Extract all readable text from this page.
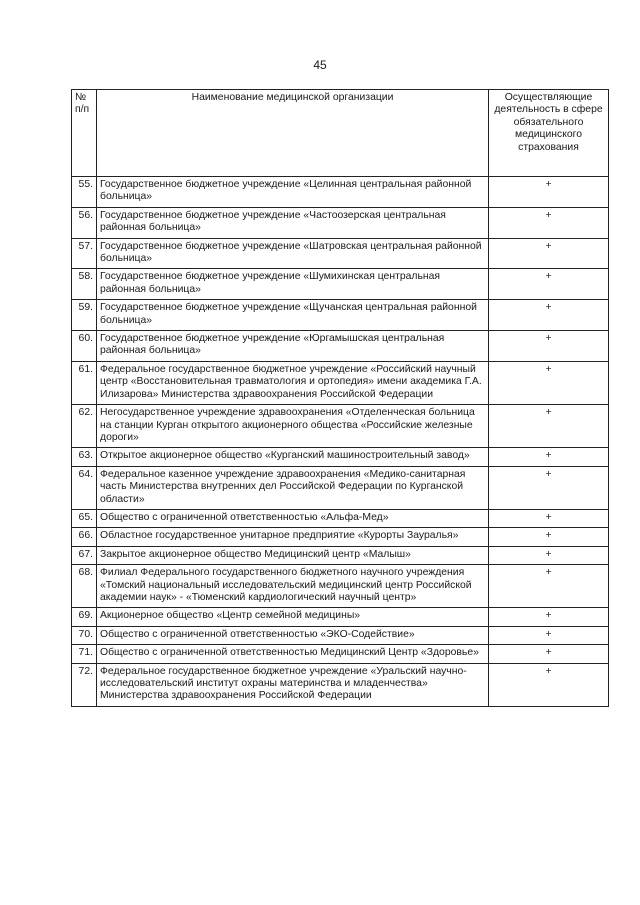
45
№ п/п	Наименование медицинской организации	Осуществляющие деятельность в сфере обязательного медицинского страхования
55.	Государственное бюджетное учреждение «Целинная центральная районной больница»	+
56.	Государственное бюджетное учреждение «Частоозерская центральная районная больница»	+
57.	Государственное бюджетное учреждение «Шатровская центральная районной больница»	+
58.	Государственное бюджетное учреждение «Шумихинская центральная районная больница»	+
59.	Государственное бюджетное учреждение «Щучанская центральная районной больница»	+
60.	Государственное бюджетное учреждение «Юргамышская центральная районная больница»	+
61.	Федеральное государственное бюджетное учреждение «Российский научный центр «Восстановительная травматология и ортопедия» имени академика Г.А. Илизарова» Министерства здравоохранения Российской Федерации	+
62.	Негосударственное учреждение здравоохранения «Отделенческая больница на станции Курган открытого акционерного общества «Российские железные дороги»	+
63.	Открытое акционерное общество «Курганский машиностроительный завод»	+
64.	Федеральное казенное учреждение здравоохранения «Медико-санитарная часть Министерства внутренних дел Российской Федерации по Курганской области»	+
65.	Общество с ограниченной ответственностью «Альфа-Мед»	+
66.	Областное государственное унитарное предприятие «Курорты Зауралья»	+
67.	Закрытое акционерное общество Медицинский центр «Малыш»	+
68.	Филиал Федерального государственного бюджетного научного учреждения «Томский национальный исследовательский медицинский центр Российской академии наук» - «Тюменский кардиологический научный центр»	+
69.	Акционерное общество «Центр семейной медицины»	+
70.	Общество с ограниченной ответственностью «ЭКО-Содействие»	+
71.	Общество с ограниченной ответственностью Медицинский Центр «Здоровье»	+
72.	Федеральное государственное бюджетное учреждение «Уральский научно-исследовательский институт охраны материнства и младенчества» Министерства здравоохранения Российской Федерации	+
